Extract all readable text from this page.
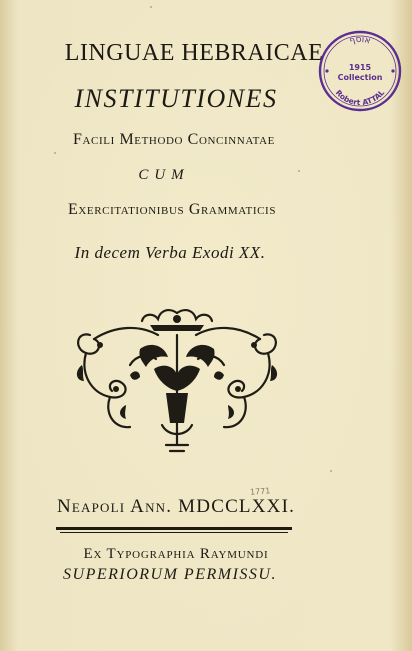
LINGUAE HEBRAICAE
INSTITUTIONES
Facili Methodo Concinnatae
CUM
Exercitationibus Grammaticis
In decem Verba Exodi XX.
Neapoli Ann. MDCCLXXI.
1771
Ex Typographia Raymundi
SUPERIORUM PERMISSU.
אוסף
1915
Collection
Robert ATTAL
